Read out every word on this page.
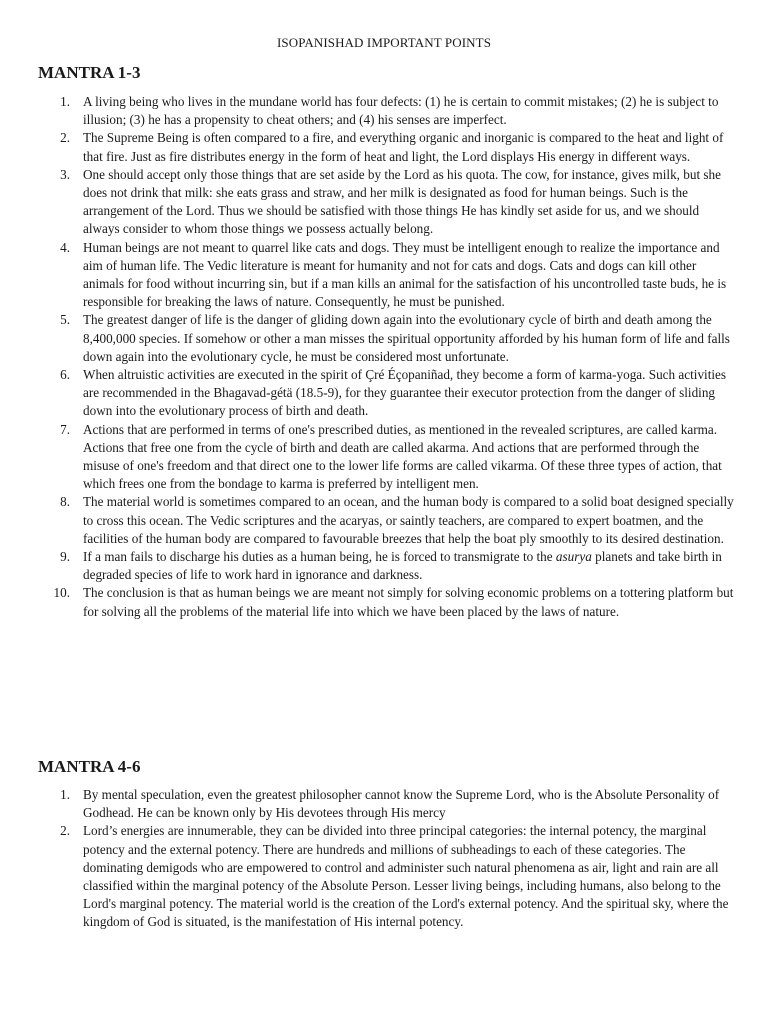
ISOPANISHAD IMPORTANT POINTS
MANTRA 1-3
1. A living being who lives in the mundane world has four defects: (1) he is certain to commit mistakes; (2) he is subject to illusion; (3) he has a propensity to cheat others; and (4) his senses are imperfect.
2. The Supreme Being is often compared to a fire, and everything organic and inorganic is compared to the heat and light of that fire. Just as fire distributes energy in the form of heat and light, the Lord displays His energy in different ways.
3. One should accept only those things that are set aside by the Lord as his quota. The cow, for instance, gives milk, but she does not drink that milk: she eats grass and straw, and her milk is designated as food for human beings. Such is the arrangement of the Lord. Thus we should be satisfied with those things He has kindly set aside for us, and we should always consider to whom those things we possess actually belong.
4. Human beings are not meant to quarrel like cats and dogs. They must be intelligent enough to realize the importance and aim of human life. The Vedic literature is meant for humanity and not for cats and dogs. Cats and dogs can kill other animals for food without incurring sin, but if a man kills an animal for the satisfaction of his uncontrolled taste buds, he is responsible for breaking the laws of nature. Consequently, he must be punished.
5. The greatest danger of life is the danger of gliding down again into the evolutionary cycle of birth and death among the 8,400,000 species. If somehow or other a man misses the spiritual opportunity afforded by his human form of life and falls down again into the evolutionary cycle, he must be considered most unfortunate.
6. When altruistic activities are executed in the spirit of Çré Éçopaniñad, they become a form of karma-yoga. Such activities are recommended in the Bhagavad-gétä (18.5-9), for they guarantee their executor protection from the danger of sliding down into the evolutionary process of birth and death.
7. Actions that are performed in terms of one's prescribed duties, as mentioned in the revealed scriptures, are called karma. Actions that free one from the cycle of birth and death are called akarma. And actions that are performed through the misuse of one's freedom and that direct one to the lower life forms are called vikarma. Of these three types of action, that which frees one from the bondage to karma is preferred by intelligent men.
8. The material world is sometimes compared to an ocean, and the human body is compared to a solid boat designed specially to cross this ocean. The Vedic scriptures and the acaryas, or saintly teachers, are compared to expert boatmen, and the facilities of the human body are compared to favourable breezes that help the boat ply smoothly to its desired destination.
9. If a man fails to discharge his duties as a human being, he is forced to transmigrate to the asurya planets and take birth in degraded species of life to work hard in ignorance and darkness.
10. The conclusion is that as human beings we are meant not simply for solving economic problems on a tottering platform but for solving all the problems of the material life into which we have been placed by the laws of nature.
MANTRA 4-6
1. By mental speculation, even the greatest philosopher cannot know the Supreme Lord, who is the Absolute Personality of Godhead. He can be known only by His devotees through His mercy
2. Lord’s energies are innumerable, they can be divided into three principal categories: the internal potency, the marginal potency and the external potency. There are hundreds and millions of subheadings to each of these categories. The dominating demigods who are empowered to control and administer such natural phenomena as air, light and rain are all classified within the marginal potency of the Absolute Person. Lesser living beings, including humans, also belong to the Lord's marginal potency. The material world is the creation of the Lord's external potency. And the spiritual sky, where the kingdom of God is situated, is the manifestation of His internal potency.
